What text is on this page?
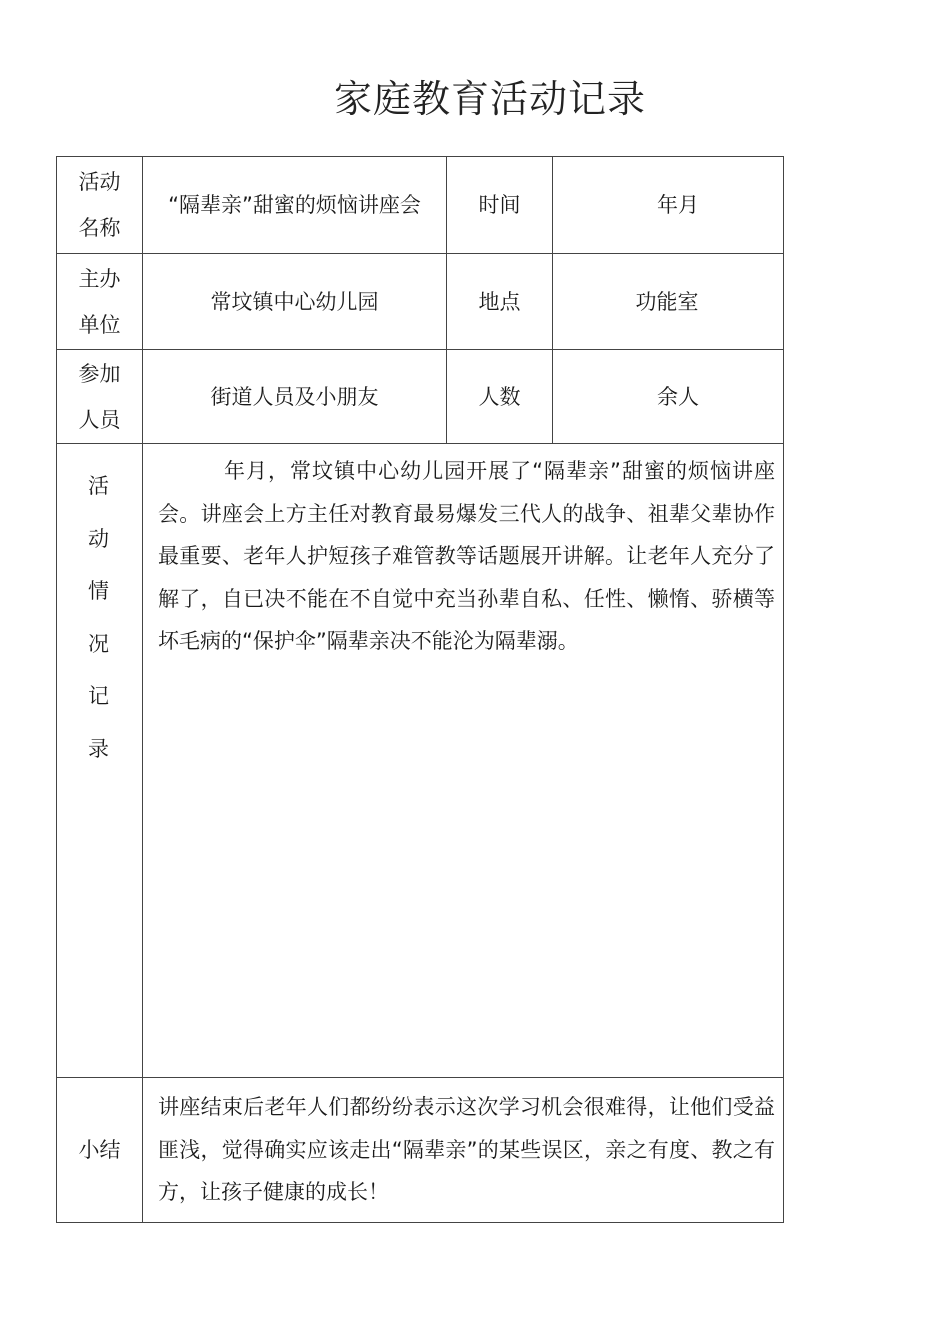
家庭教育活动记录
活动名称	“隔辈亲”甜蜜的烦恼讲座会	时间	年月
主办单位	常坟镇中心幼儿园	地点	功能室
参加人员	街道人员及小朋友	人数	余人

活动情况记录	　　　年月，常坟镇中心幼儿园开展了“隔辈亲”甜蜜的烦恼讲座会。讲座会上方主任对教育最易爆发三代人的战争、祖辈父辈协作最重要、老年人护短孩子难管教等话题展开讲解。让老年人充分了解了，自已决不能在不自觉中充当孙辈自私、任性、懒惰、骄横等坏毛病的“保护伞”隔辈亲决不能沦为隔辈溺。		

小结	讲座结束后老年人们都纷纷表示这次学习机会很难得，让他们受益匪浅，觉得确实应该走出“隔辈亲”的某些误区，亲之有度、教之有方，让孩子健康的成长！		
